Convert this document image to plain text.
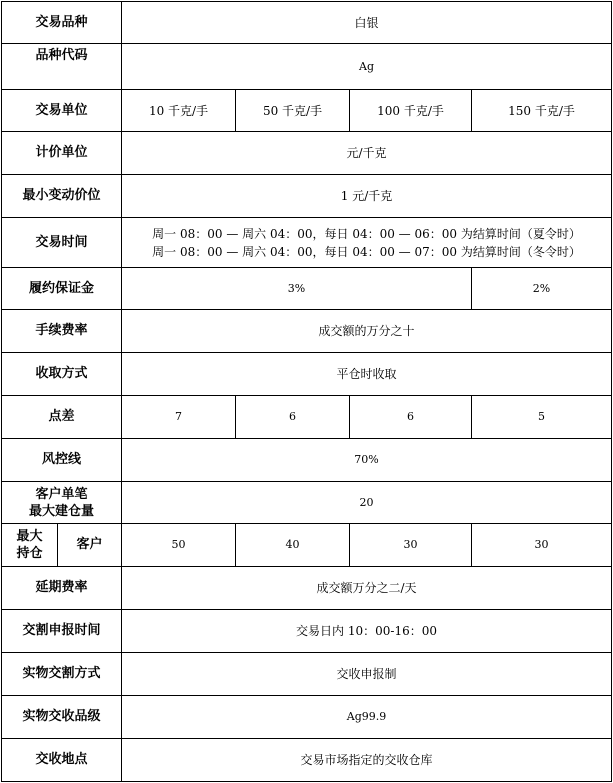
交易品种		白银			
品种代码		Ag			
交易单位		10 千克/手	50 千克/手	100 千克/手	150 千克/手
计价单位		元/千克			
最小变动价位		1 元/千克			
交易时间		周一 08：00 — 周六 04：00，每日 04：00 — 06：00 为结算时间（夏令时）
周一 08：00 — 周六 04：00，每日 04：00 — 07：00 为结算时间（冬令时）			

履约保证金		3%			2%
手续费率		成交额的万分之十			
收取方式		平仓时收取			
点差		7	6	6	5
风控线		70%			

客户单笔
最大建仓量		20			

最大
持仓	客户	50	40	30	30
延期费率		成交额万分之二/天			
交割申报时间		交易日内 10：00-16：00			
实物交割方式		交收申报制			
实物交收品级		Ag99.9			
交收地点		交易市场指定的交收仓库			
